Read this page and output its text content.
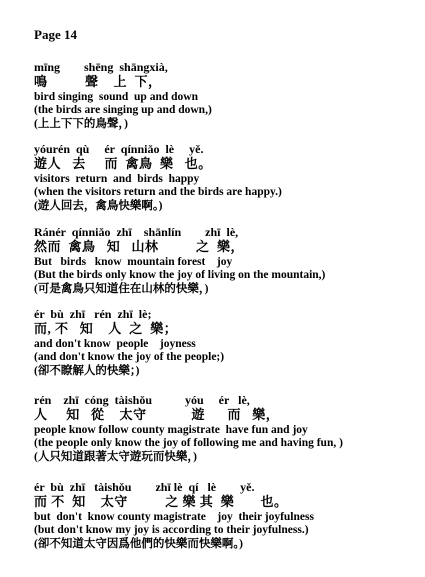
Page 14
mīng        shēng  shāngxià,
鳴          聲    上  下，
bird singing  sound  up and down
(the birds are singing up and down,)
(上上下下的鳥聲，)
yóurén  qù     ér  qínniǎo  lè     yě.
遊人   去     而  禽鳥  樂   也。
visitors  return  and  birds  happy
(when the visitors return and the birds are happy.)
(遊人回去，禽鳥快樂啊。)
Ránér  qínniǎo  zhī    shānlín        zhī  lè,
然而  禽鳥   知   山林          之  樂，
But   birds   know  mountain forest    joy
(But the birds only know the joy of living on the mountain,)
(可是禽鳥只知道住在山林的快樂，)
ér  bù  zhī   rén  zhī  lè;
而, 不   知    人  之  樂；
and don't know  people    joyness
(and don't know the joy of the people;)
(卻不瞭解人的快樂；)
rén    zhī  cóng  tàishǒu           yóu     ér   lè,
人     知   從    太守            遊      而   樂，
people know follow county magistrate  have fun and joy
(the people only know the joy of following me and having fun, )
(人只知道跟著太守遊玩而快樂，)
ér  bù  zhī   tàishǒu        zhī lè  qí   lè        yě.
而 不  知    太守          之 樂 其  樂       也。
but  don't  know county magistrate    joy  their joyfulness
(but don't know my joy is according to their joyfulness.)
(卻不知道太守因爲他們的快樂而快樂啊。)
